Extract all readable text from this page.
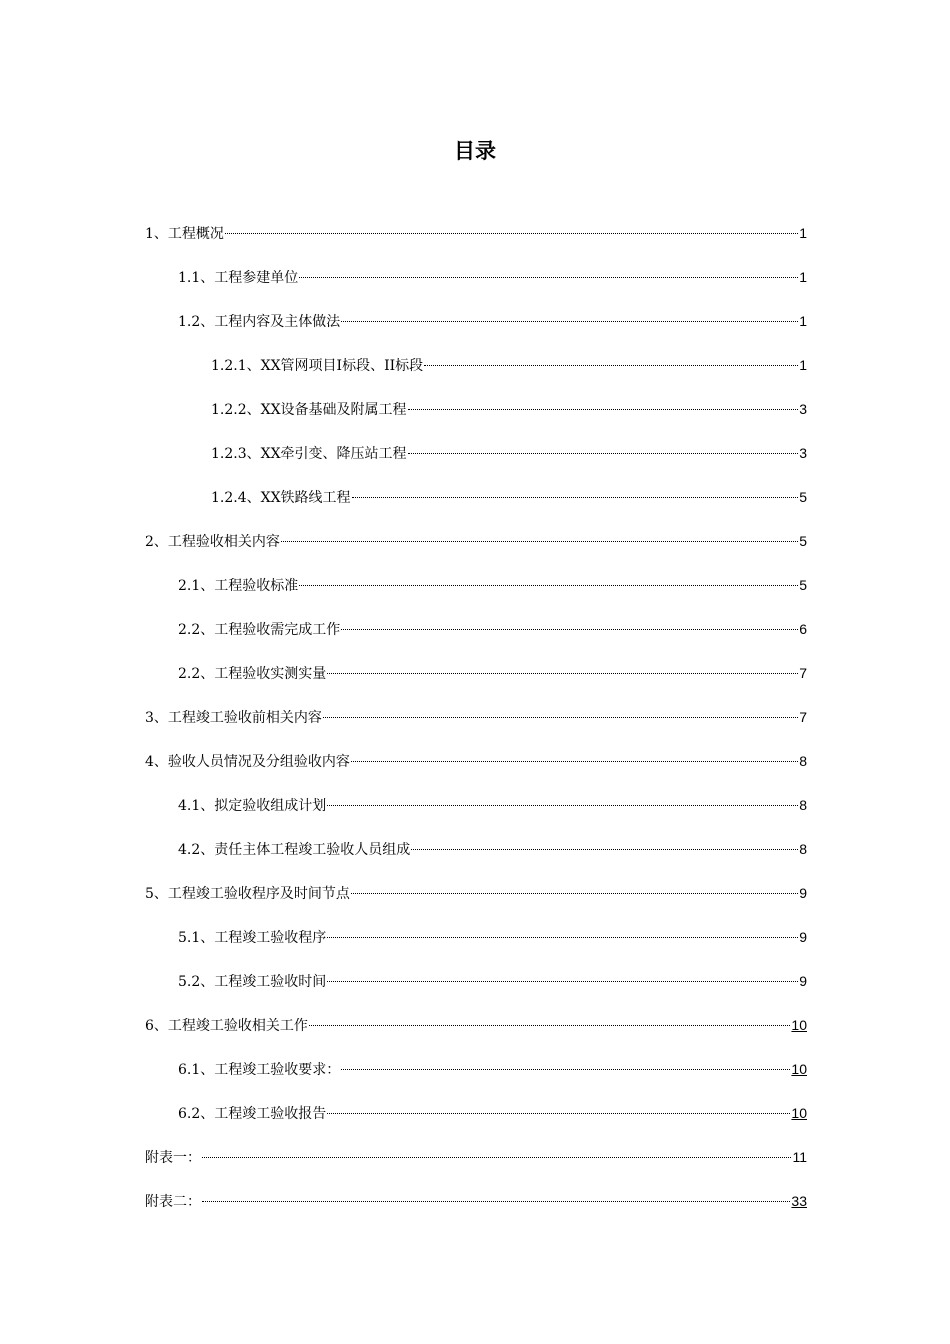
目录
1、工程概况	1
1.1、工程参建单位	1
1.2、工程内容及主体做法	1
1.2.1、XX管网项目I标段、II标段	1
1.2.2、XX设备基础及附属工程	3
1.2.3、XX牵引变、降压站工程	3
1.2.4、XX铁路线工程	5
2、工程验收相关内容	5
2.1、工程验收标准	5
2.2、工程验收需完成工作	6
2.2、工程验收实测实量	7
3、工程竣工验收前相关内容	7
4、验收人员情况及分组验收内容	8
4.1、拟定验收组成计划	8
4.2、责任主体工程竣工验收人员组成	8
5、工程竣工验收程序及时间节点	9
5.1、工程竣工验收程序	9
5.2、工程竣工验收时间	9
6、工程竣工验收相关工作	10
6.1、工程竣工验收要求：	10
6.2、工程竣工验收报告	10
附表一：	11
附表二：	33
